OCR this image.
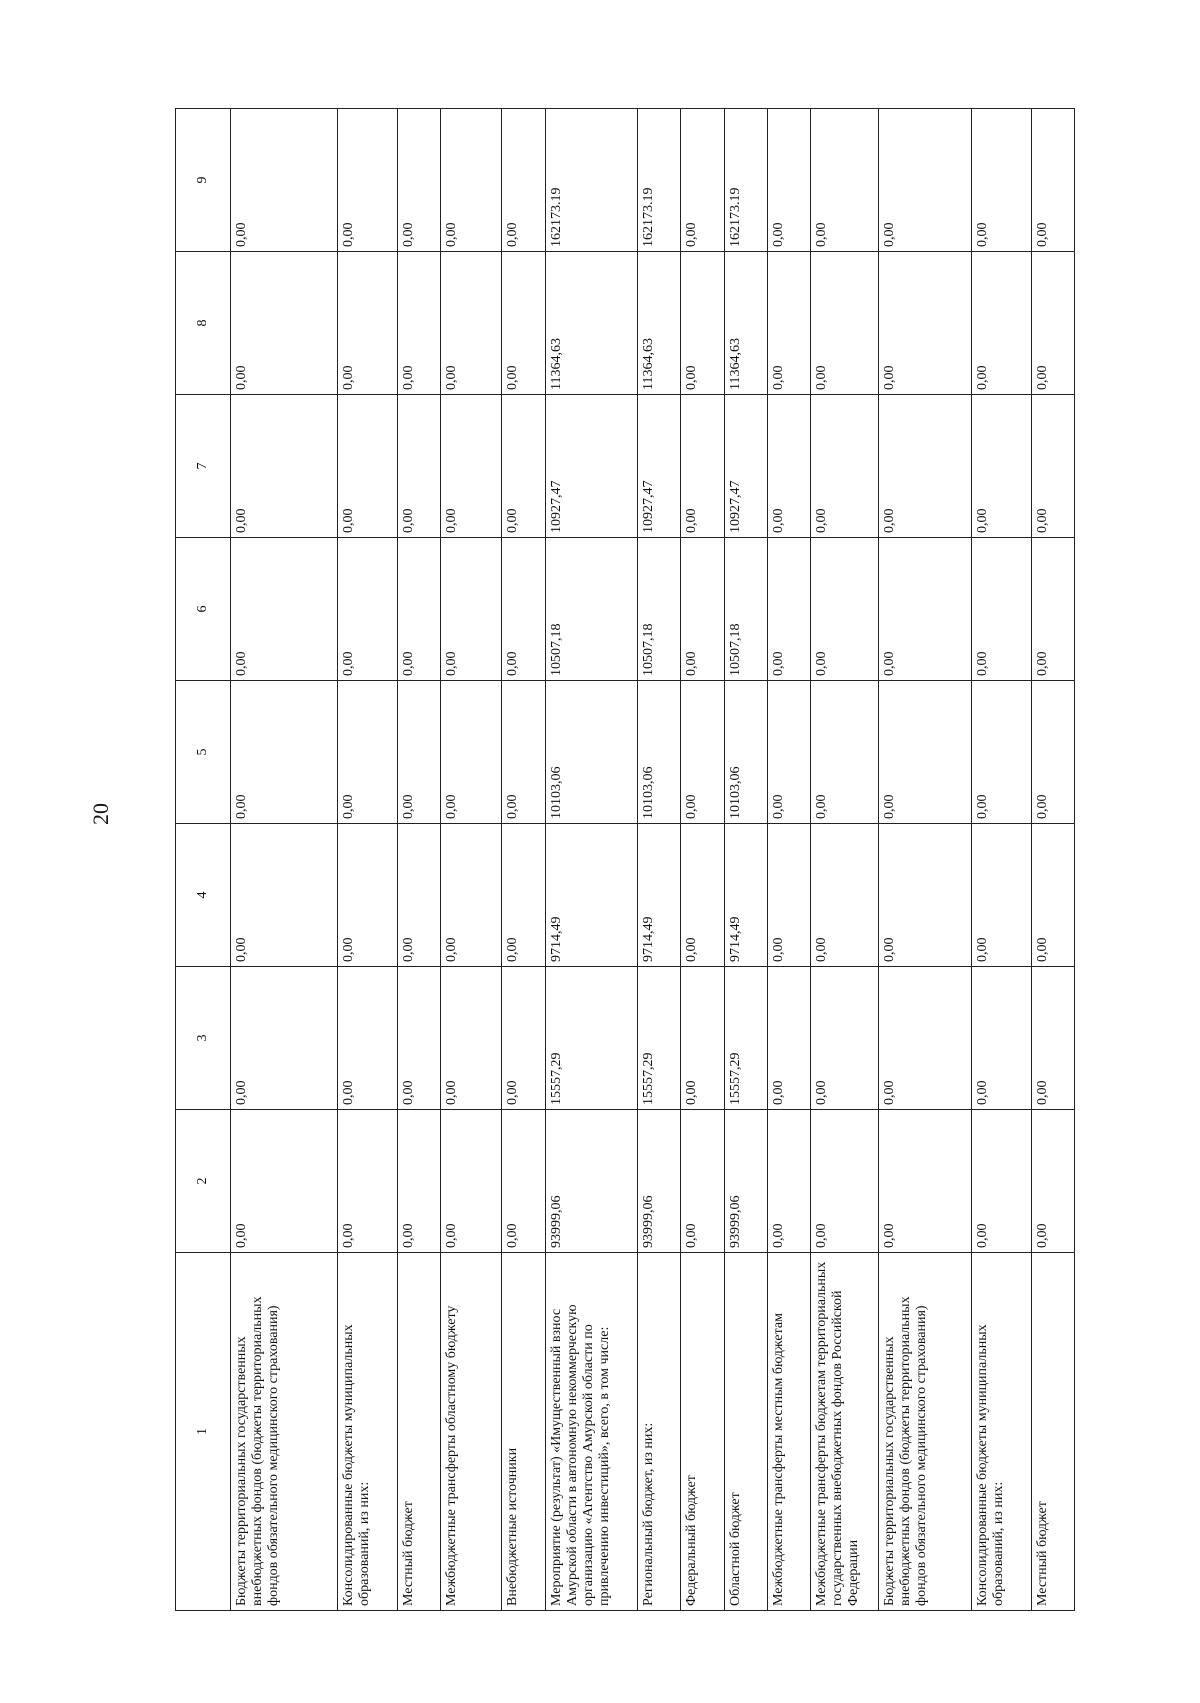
20
1	2	3	4	5	6	7	8	9
Бюджеты территориальных государственных внебюджетных фондов (бюджеты территориальных фондов обязательного медицинского страхования)	0,00	0,00	0,00	0,00	0,00	0,00	0,00	0,00
Консолидированные бюджеты муниципальных образований, из них:	0,00	0,00	0,00	0,00	0,00	0,00	0,00	0,00
Местный бюджет	0,00	0,00	0,00	0,00	0,00	0,00	0,00	0,00
Межбюджетные трансферты областному бюджету	0,00	0,00	0,00	0,00	0,00	0,00	0,00	0,00
Внебюджетные источники	0,00	0,00	0,00	0,00	0,00	0,00	0,00	0,00
Мероприятие (результат) «Имущественный взнос Амурской области в автономную некоммерческую организацию «Агентство Амурской области по привлечению инвестиций», всего, в том числе:	93999,06	15557,29	9714,49	10103,06	10507,18	10927,47	11364,63	162173.19
Региональный бюджет, из них:	93999,06	15557,29	9714,49	10103,06	10507,18	10927,47	11364,63	162173.19
Федеральный бюджет	0,00	0,00	0,00	0,00	0,00	0,00	0,00	0,00
Областной бюджет	93999,06	15557,29	9714,49	10103,06	10507,18	10927,47	11364,63	162173.19
Межбюджетные трансферты местным бюджетам	0,00	0,00	0,00	0,00	0,00	0,00	0,00	0,00
Межбюджетные трансферты бюджетам территориальных государственных внебюджетных фондов Российской Федерации	0,00	0,00	0,00	0,00	0,00	0,00	0,00	0,00
Бюджеты территориальных государственных внебюджетных фондов (бюджеты территориальных фондов обязательного медицинского страхования)	0,00	0,00	0,00	0,00	0,00	0,00	0,00	0,00
Консолидированные бюджеты муниципальных образований, из них:	0,00	0,00	0,00	0,00	0,00	0,00	0,00	0,00
Местный бюджет	0,00	0,00	0,00	0,00	0,00	0,00	0,00	0,00
